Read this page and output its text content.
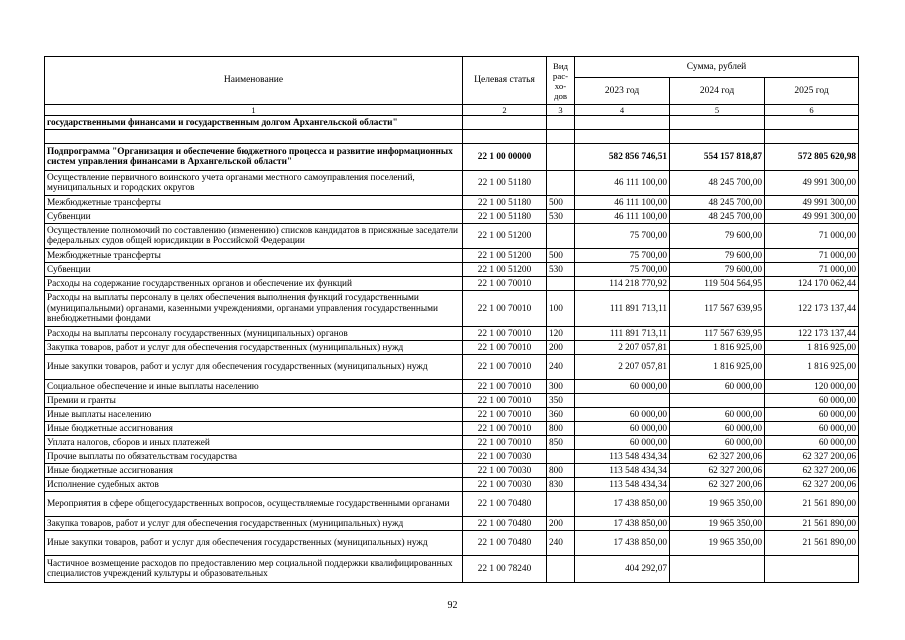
Наименование	Целевая статья	Вид рас- хо- дов	Сумма, рублей		
			2023 год	2024 год	2025 год
1	2	3	4	5	6
государственными финансами и государственным долгом Архангельской области"					

Подпрограмма "Организация и обеспечение бюджетного процесса и развитие информационных систем управления финансами в Архангельской области"	22 1 00 00000		582 856 746,51	554 157 818,87	572 805 620,98
Осуществление первичного воинского учета органами местного самоуправления поселений, муниципальных и городских округов	22 1 00 51180		46 111 100,00	48 245 700,00	49 991 300,00
Межбюджетные трансферты	22 1 00 51180	500	46 111 100,00	48 245 700,00	49 991 300,00
Субвенции	22 1 00 51180	530	46 111 100,00	48 245 700,00	49 991 300,00
Осуществление полномочий по составлению (изменению) списков кандидатов в присяжные заседатели федеральных судов общей юрисдикции в Российской Федерации	22 1 00 51200		75 700,00	79 600,00	71 000,00
Межбюджетные трансферты	22 1 00 51200	500	75 700,00	79 600,00	71 000,00
Субвенции	22 1 00 51200	530	75 700,00	79 600,00	71 000,00
Расходы на содержание государственных органов и обеспечение их функций	22 1 00 70010		114 218 770,92	119 504 564,95	124 170 062,44
Расходы на выплаты персоналу в целях обеспечения выполнения функций государственными (муниципальными) органами, казенными учреждениями, органами управления государственными внебюджетными фондами	22 1 00 70010	100	111 891 713,11	117 567 639,95	122 173 137,44
Расходы на выплаты персоналу государственных (муниципальных) органов	22 1 00 70010	120	111 891 713,11	117 567 639,95	122 173 137,44
Закупка товаров, работ и услуг для обеспечения государственных (муниципальных) нужд	22 1 00 70010	200	2 207 057,81	1 816 925,00	1 816 925,00
Иные закупки товаров, работ и услуг для обеспечения государственных (муниципальных) нужд	22 1 00 70010	240	2 207 057,81	1 816 925,00	1 816 925,00
Социальное обеспечение и иные выплаты населению	22 1 00 70010	300	60 000,00	60 000,00	120 000,00
Премии и гранты	22 1 00 70010	350			60 000,00
Иные выплаты населению	22 1 00 70010	360	60 000,00	60 000,00	60 000,00
Иные бюджетные ассигнования	22 1 00 70010	800	60 000,00	60 000,00	60 000,00
Уплата налогов, сборов и иных платежей	22 1 00 70010	850	60 000,00	60 000,00	60 000,00
Прочие выплаты по обязательствам государства	22 1 00 70030		113 548 434,34	62 327 200,06	62 327 200,06
Иные бюджетные ассигнования	22 1 00 70030	800	113 548 434,34	62 327 200,06	62 327 200,06
Исполнение судебных актов	22 1 00 70030	830	113 548 434,34	62 327 200,06	62 327 200,06
Мероприятия в сфере общегосударственных вопросов, осуществляемые государственными органами	22 1 00 70480		17 438 850,00	19 965 350,00	21 561 890,00
Закупка товаров, работ и услуг для обеспечения государственных (муниципальных) нужд	22 1 00 70480	200	17 438 850,00	19 965 350,00	21 561 890,00
Иные закупки товаров, работ и услуг для обеспечения государственных (муниципальных) нужд	22 1 00 70480	240	17 438 850,00	19 965 350,00	21 561 890,00
Частичное возмещение расходов по предоставлению мер социальной поддержки квалифицированных специалистов учреждений культуры и образовательных	22 1 00 78240		404 292,07		
92
